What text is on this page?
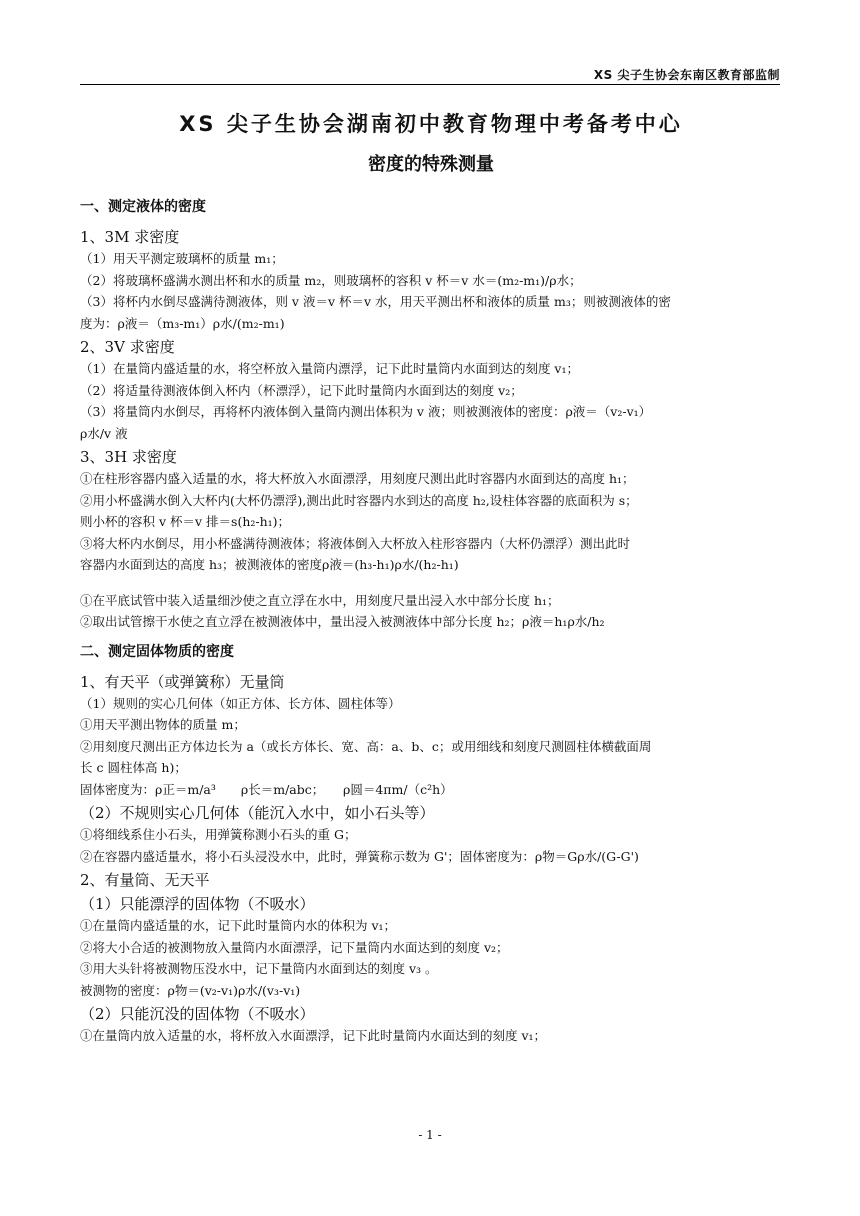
XS 尖子生协会东南区教育部监制
XS 尖子生协会湖南初中教育物理中考备考中心
密度的特殊测量
一、测定液体的密度
1、3M 求密度
（1）用天平测定玻璃杯的质量 m₁；
（2）将玻璃杯盛满水测出杯和水的质量 m₂，则玻璃杯的容积 v 杯＝v 水＝(m₂-m₁)/ρ水；
（3）将杯内水倒尽盛满待测液体，则 v 液＝v 杯＝v 水，用天平测出杯和液体的质量 m₃；则被测液体的密
度为：ρ液＝（m₃-m₁）ρ水/(m₂-m₁)
2、3V 求密度
（1）在量筒内盛适量的水，将空杯放入量筒内漂浮，记下此时量筒内水面到达的刻度 v₁；
（2）将适量待测液体倒入杯内（杯漂浮），记下此时量筒内水面到达的刻度 v₂；
（3）将量筒内水倒尽，再将杯内液体倒入量筒内测出体积为 v 液；则被测液体的密度：ρ液＝（v₂-v₁）
ρ水/v 液
3、3H 求密度
①在柱形容器内盛入适量的水，将大杯放入水面漂浮，用刻度尺测出此时容器内水面到达的高度 h₁；
②用小杯盛满水倒入大杯内(大杯仍漂浮),测出此时容器内水到达的高度 h₂,设柱体容器的底面积为 s；
则小杯的容积 v 杯＝v 排＝s(h₂-h₁)；
③将大杯内水倒尽，用小杯盛满待测液体；将液体倒入大杯放入柱形容器内（大杯仍漂浮）测出此时
容器内水面到达的高度 h₃；被测液体的密度ρ液＝(h₃-h₁)ρ水/(h₂-h₁)
①在平底试管中装入适量细沙使之直立浮在水中，用刻度尺量出浸入水中部分长度 h₁；
②取出试管擦干水使之直立浮在被测液体中，量出浸入被测液体中部分长度 h₂；ρ液＝h₁ρ水/h₂
二、测定固体物质的密度
1、有天平（或弹簧称）无量筒
（1）规则的实心几何体（如正方体、长方体、圆柱体等）
①用天平测出物体的质量 m；
②用刻度尺测出正方体边长为 a（或长方体长、宽、高：a、b、c；或用细线和刻度尺测圆柱体横截面周
长 c 圆柱体高 h)；
固体密度为：ρ正＝m/a³　　ρ长＝m/abc；　　ρ圆＝4πm/（c²h）
（2）不规则实心几何体（能沉入水中，如小石头等）
①将细线系住小石头，用弹簧称测小石头的重 G；
②在容器内盛适量水，将小石头浸没水中，此时，弹簧称示数为 G'；固体密度为：ρ物＝Gρ水/(G-G')
2、有量筒、无天平
（1）只能漂浮的固体物（不吸水）
①在量筒内盛适量的水，记下此时量筒内水的体积为 v₁；
②将大小合适的被测物放入量筒内水面漂浮，记下量筒内水面达到的刻度 v₂；
③用大头针将被测物压没水中，记下量筒内水面到达的刻度 v₃ 。
被测物的密度：ρ物＝(v₂-v₁)ρ水/(v₃-v₁)
（2）只能沉没的固体物（不吸水）
①在量筒内放入适量的水，将杯放入水面漂浮，记下此时量筒内水面达到的刻度 v₁；
- 1 -
